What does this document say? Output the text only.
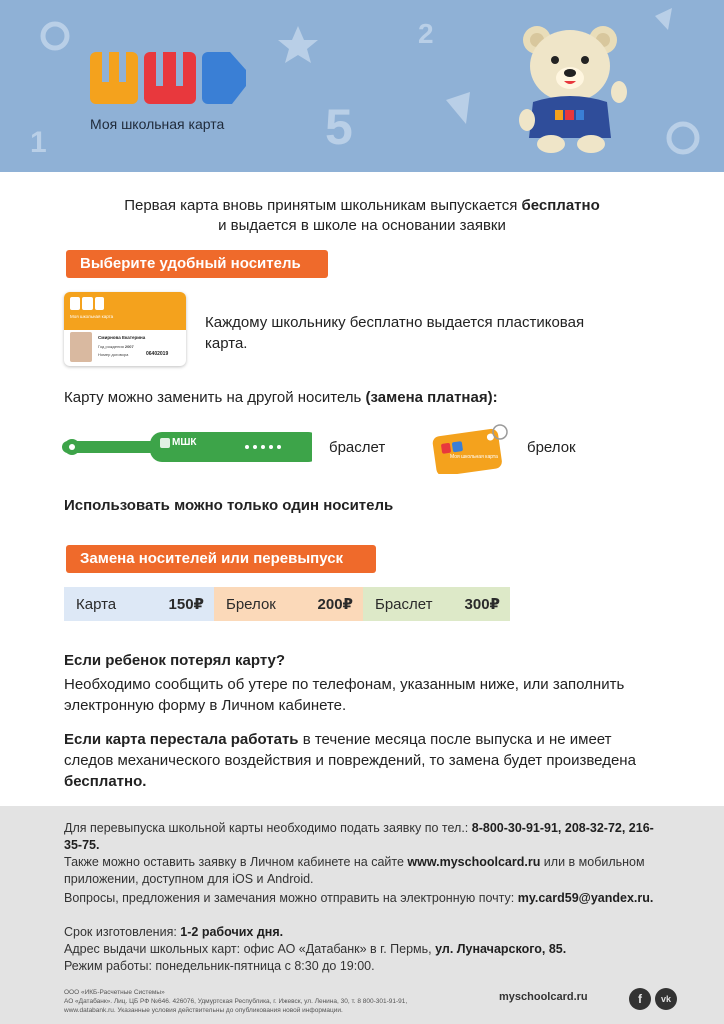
1
2
5
Моя школьная карта
Первая карта вновь принятым школьникам выпускается бесплатно
и выдается в школе на основании заявки
Выберите удобный носитель
Моя школьная карта
Смирнова Екатерина
Год рождения 2007
Номер договора	06402019
Каждому школьнику бесплатно выдается пластиковая карта.
Карту можно заменить на другой носитель (замена платная):
МШК	браслет
Моя школьная карта
брелок
Использовать можно только один носитель
Замена носителей или перевыпуск
Карта	150₽ Брелок	200₽ Браслет 300₽
Если ребенок потерял карту?
Необходимо сообщить об утере по телефонам, указанным ниже, или заполнить электронную форму в Личном кабинете.
Если карта перестала работать в течение месяца после выпуска и не имеет следов механического воздействия и повреждений, то замена будет произведена бесплатно.
Для перевыпуска школьной карты необходимо подать заявку по тел.: 8-800-30-91-91, 208-32-72, 216-35-75.
Также можно оставить заявку в Личном кабинете на сайте www.myschoolcard.ru или в мобильном приложении, доступном для iOS и Android.
Вопросы, предложения и замечания можно отправить на электронную почту: my.card59@yandex.ru.
Срок изготовления: 1-2 рабочих дня.
Адрес выдачи школьных карт: офис АО «Датабанк» в г. Пермь, ул. Луначарского, 85.
Режим работы: понедельник-пятница с 8:30 до 19:00.
ООО «ИКБ-Расчетные Системы»
АО «Датабанк». Лиц. ЦБ РФ №646. 426076, Удмуртская Республика, г. Ижевск, ул. Ленина, 30, т. 8 800-301-91-91,
www.databank.ru. Указанные условия действительны до опубликования новой информации.
myschoolcard.ru	f	vk
